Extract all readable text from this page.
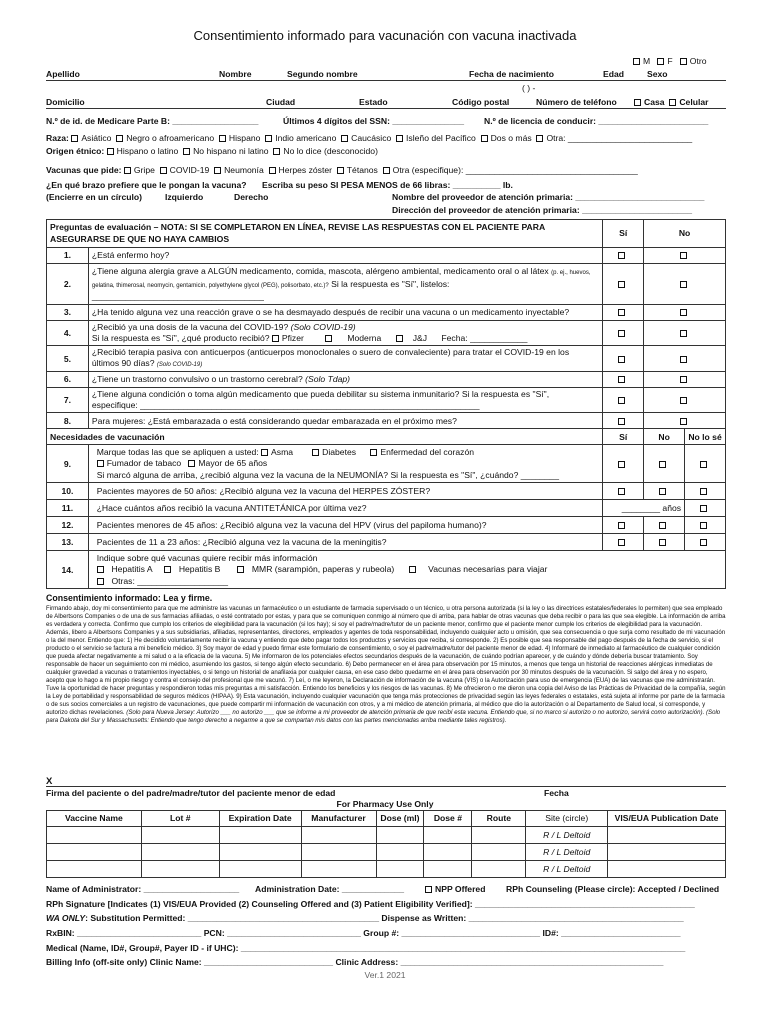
Consentimiento informado para vacunación con vacuna inactivada
M F Otro
Apellido	Nombre	Segundo nombre	Fecha de nacimiento	Edad	Sexo
( ) -
Domicilio	Ciudad	Estado	Código postal	Número de teléfono	Casa Celular
N.º de id. de Medicare Parte B: __________________	Últimos 4 dígitos del SSN: _______________ N.º de licencia de conducir: _______________________
Raza: Asiático Negro o afroamericano Hispano Indio americano Caucásico Isleño del Pacífico Dos o más Otra: __________________________
Origen étnico: Hispano o latino No hispano ni latino No lo dice (desconocido)
Vacunas que pide: Gripe COVID-19 Neumonía Herpes zóster Tétanos Otra (especifique): ____________________________________
¿En qué brazo prefiere que le pongan la vacuna? Escriba su peso SI PESA MENOS de 66 libras: __________ lb.
(Encierre en un círculo)	Izquierdo	Derecho	Nombre del proveedor de atención primaria: ___________________________
Dirección del proveedor de atención primaria: _______________________
Preguntas de evaluación – NOTA: SI SE COMPLETARON EN LÍNEA, REVISE LAS RESPUESTAS CON EL PACIENTE PARA ASEGURARSE DE QUE NO HAYA CAMBIOS		Sí	No	
1.	¿Está enfermo hoy?			
2.	¿Tiene alguna alergia grave a ALGÚN medicamento, comida, mascota, alérgeno ambiental, medicamento oral o al látex (p. ej., huevos, gelatina, thimerosal, neomycin, gentamicin, polyethylene glycol (PEG), polisorbato, etc.)? Si la respuesta es "Sí", listelos:
____________________________________			
3.	¿Ha tenido alguna vez una reacción grave o se ha desmayado después de recibir una vacuna o un medicamento inyectable?			
4.	¿Recibió ya una dosis de la vacuna del COVID-19? (Solo COVID-19)
Si la respuesta es "Sí", ¿qué producto recibió? Pfizer Moderna J&J Fecha: ____________			
5.	¿Recibió terapia pasiva con anticuerpos (anticuerpos monoclonales o suero de convaleciente) para tratar el COVID-19 en los
últimos 90 días? (Solo COVID-19)			
6.	¿Tiene un trastorno convulsivo o un trastorno cerebral? (Solo Tdap)			
7.	¿Tiene alguna condición o toma algún medicamento que pueda debilitar su sistema inmunitario? Si la respuesta es "Sí",
especifique: _______________________________________________________________________			
8.	Para mujeres: ¿Está embarazada o está considerando quedar embarazada en el próximo mes?			
Necesidades de vacunación		Sí	No	No lo sé
9.	Marque todas las que se apliquen a usted: Asma Diabetes Enfermedad del corazón
Fumador de tabaco Mayor de 65 años
Si marcó alguna de arriba, ¿recibió alguna vez la vacuna de la NEUMONÍA? Si la respuesta es "Sí", ¿cuándo? ________			
10.	Pacientes mayores de 50 años: ¿Recibió alguna vez la vacuna del HERPES ZÓSTER?			
11.	¿Hace cuántos años recibió la vacuna ANTITETÁNICA por última vez?	________ años		
12.	Pacientes menores de 45 años: ¿Recibió alguna vez la vacuna del HPV (virus del papiloma humano)?			
13.	Pacientes de 11 a 23 años: ¿Recibió alguna vez la vacuna de la meningitis?			
14.	Indique sobre qué vacunas quiere recibir más información
Hepatitis A Hepatitis B MMR (sarampión, paperas y rubeola) Vacunas necesarias para viajar
Otras: ___________________			
Consentimiento informado: Lea y firme.
Firmando abajo, doy mi consentimiento para que me administre las vacunas un farmacéutico o un estudiante de farmacia supervisado o un técnico, u otra persona autorizada (si la ley o las directrices estatales/federales lo permiten) que sea empleado de Albertsons Companies o de una de sus farmacias afiliadas, o esté contratado por estas, y para que se comuniquen conmigo al número que di arriba, para hablar de otras vacunas que deba recibir o para las que sea elegible. La información de arriba es verdadera y correcta. Confirmo que cumplo los criterios de elegibilidad para la vacunación (si los hay); si soy el padre/madre/tutor de un paciente menor, confirmo que el paciente menor cumple los criterios de elegibilidad para la vacunación. Además, libero a Albertsons Companies y a sus subsidiarias, afiliadas, representantes, directores, empleados y agentes de toda responsabilidad, incluyendo cualquier acto u omisión, que sea consecuencia o que surja como resultado de mi vacunación o la del menor. Entiendo que: 1) He decidido voluntariamente recibir la vacuna y entiendo que debo pagar todos los productos y servicios que reciba, si corresponde. 2) Es posible que sea responsable del pago después de la fecha de servicio, si el producto o el servicio se factura a mi beneficio médico. 3) Soy mayor de edad y puedo firmar este formulario de consentimiento, o soy el padre/madre/tutor del paciente menor de edad. 4) Informaré de inmediato al farmacéutico de cualquier condición que pueda afectar negativamente a mi salud o a la eficacia de la vacuna. 5) Me informaron de los potenciales efectos secundarios después de la vacunación, de cuándo podrían aparecer, y de cuándo y dónde debería buscar tratamiento. Soy responsable de hacer un seguimiento con mi médico, asumiendo los gastos, si tengo algún efecto secundario. 6) Debo permanecer en el área para observación por 15 minutos, a menos que tenga un historial de reacciones alérgicas inmediatas de cualquier gravedad a vacunas o tratamientos inyectables, o si tengo un historial de anafilaxia por cualquier causa, en ese caso debo quedarme en el área para observación por 30 minutos después de la vacunación. Si salgo del área y no espero, acepto que lo hago a mi propio riesgo y contra el consejo del profesional que me vacunó. 7) Leí, o me leyeron, la Declaración de información de la vacuna (VIS) o la Autorización para uso de emergencia (EUA) de las vacunas que me administrarán. Tuve la oportunidad de hacer preguntas y respondieron todas mis preguntas a mi satisfacción. Entiendo los beneficios y los riesgos de las vacunas. 8) Me ofrecieron o me dieron una copia del Aviso de las Prácticas de Privacidad de la compañía, según la Ley de portabilidad y responsabilidad de seguros médicos (HIPAA). 9) Esta vacunación, incluyendo cualquier vacunación que tenga más protecciones de privacidad según las leyes federales o estatales, está sujeta al informe por parte de la farmacia o de sus socios comerciales a un registro de vacunaciones, que puede compartir mi información de vacunación con otros, y a mi médico de atención primaria, al médico que dio la autorización o al Departamento de Salud local, si corresponde, y autorizo dichas revelaciones. (Solo para Nueva Jersey: Autorizo ___ no autorizo ___ que se informe a mi proveedor de atención primaria de que recibí esta vacuna. Entiendo que, si no marco si autorizo o no autorizo, servirá como autorización). (Solo para Dakota del Sur y Massachusetts: Entiendo que tengo derecho a negarme a que se compartan mis datos con las partes mencionadas arriba mediante tales registros).
X
Firma del paciente o del padre/madre/tutor del paciente menor de edad	Fecha
For Pharmacy Use Only
Vaccine Name	Lot #	Expiration Date	Manufacturer	Dose (ml)	Dose #	Route	Site (circle)	VIS/EUA Publication Date
							R / L Deltoid	
							R / L Deltoid	
							R / L Deltoid	
Name of Administrator: ____________________ Administration Date: _____________	NPP Offered RPh Counseling (Please circle): Accepted / Declined
RPh Signature [Indicates (1) VIS/EUA Provided (2) Counseling Offered and (3) Patient Eligibility Verified]: ______________________________________________
WA ONLY: Substitution Permitted: ________________________________________ Dispense as Written: _____________________________________________
RxBIN: __________________________ PCN: ____________________________ Group #: _____________________________ ID#: _________________________
Medical (Name, ID#, Group#, Payer ID - if UHC): _____________________________________________________________________________________________
Billing Info (off-site only) Clinic Name: ___________________________ Clinic Address: _______________________________________________________
Ver.1 2021
